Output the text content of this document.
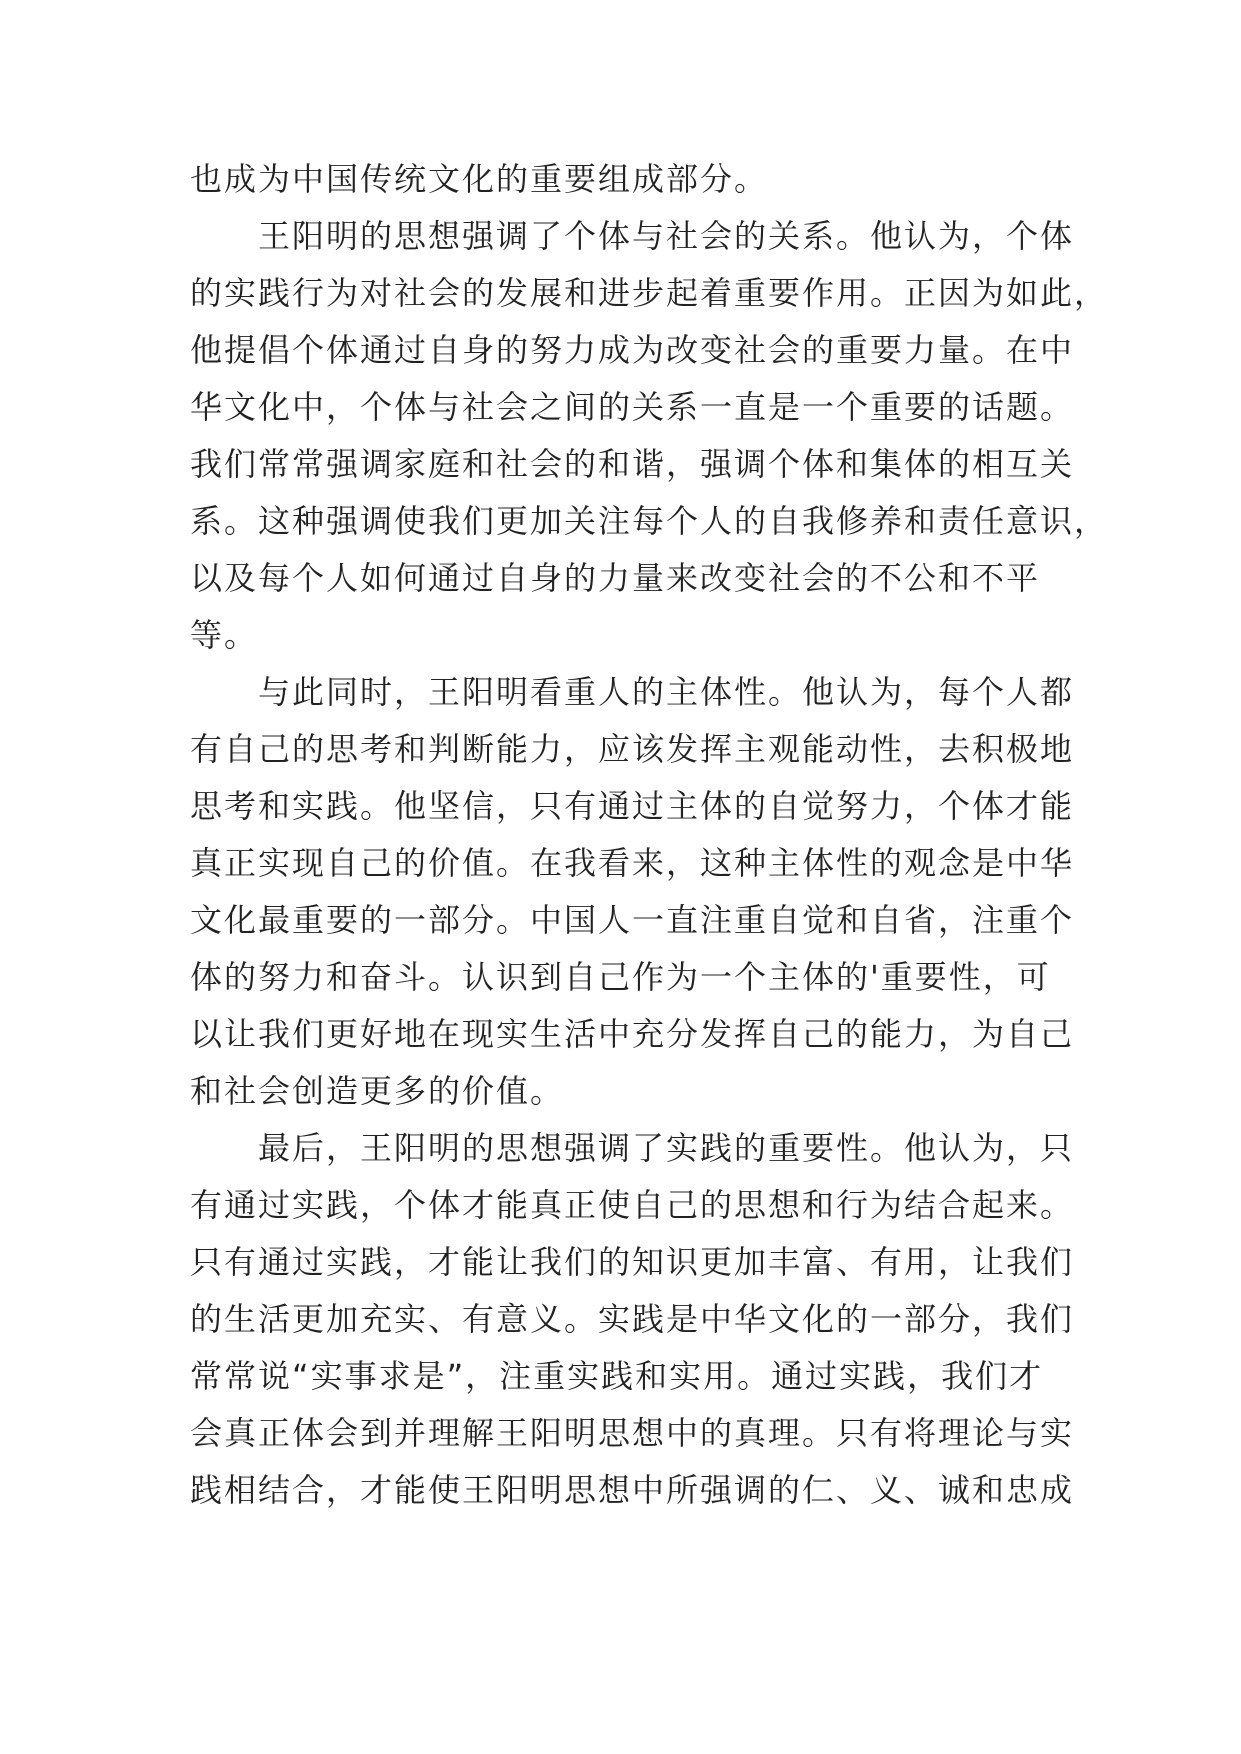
也成为中国传统文化的重要组成部分。
王阳明的思想强调了个体与社会的关系。他认为，个体
的实践行为对社会的发展和进步起着重要作用。正因为如此，
他提倡个体通过自身的努力成为改变社会的重要力量。在中
华文化中，个体与社会之间的关系一直是一个重要的话题。
我们常常强调家庭和社会的和谐，强调个体和集体的相互关
系。这种强调使我们更加关注每个人的自我修养和责任意识，
以及每个人如何通过自身的力量来改变社会的不公和不平
等。
与此同时，王阳明看重人的主体性。他认为，每个人都
有自己的思考和判断能力，应该发挥主观能动性，去积极地
思考和实践。他坚信，只有通过主体的自觉努力，个体才能
真正实现自己的价值。在我看来，这种主体性的观念是中华
文化最重要的一部分。中国人一直注重自觉和自省，注重个
体的努力和奋斗。认识到自己作为一个主体的'重要性，可
以让我们更好地在现实生活中充分发挥自己的能力，为自己
和社会创造更多的价值。
最后，王阳明的思想强调了实践的重要性。他认为，只
有通过实践，个体才能真正使自己的思想和行为结合起来。
只有通过实践，才能让我们的知识更加丰富、有用，让我们
的生活更加充实、有意义。实践是中华文化的一部分，我们
常常说“实事求是”，注重实践和实用。通过实践，我们才
会真正体会到并理解王阳明思想中的真理。只有将理论与实
践相结合，才能使王阳明思想中所强调的仁、义、诚和忠成
